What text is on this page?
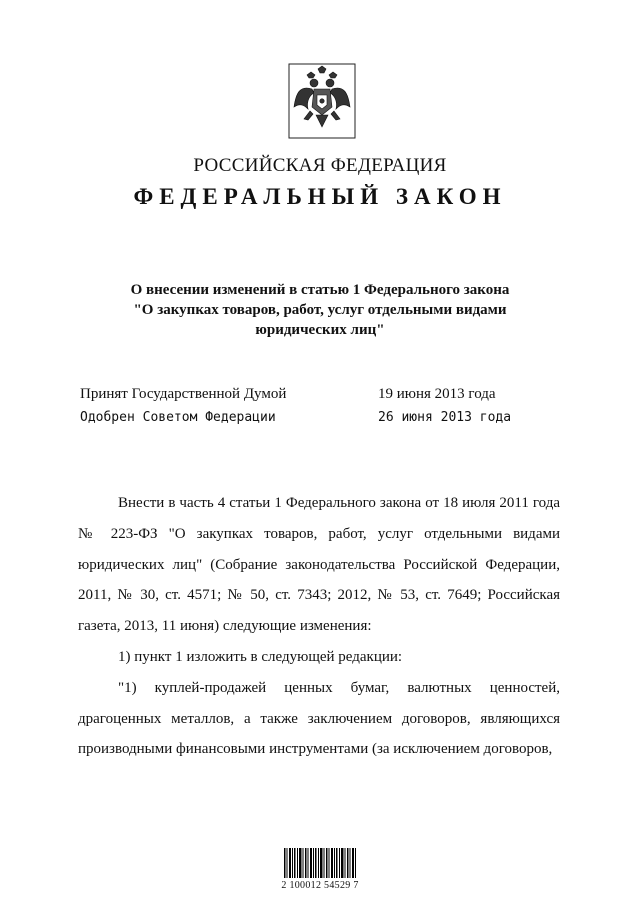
РОССИЙСКАЯ ФЕДЕРАЦИЯ
ФЕДЕРАЛЬНЫЙ ЗАКОН
О внесении изменений в статью 1 Федерального закона
"О закупках товаров, работ, услуг отдельными видами
юридических лиц"
Принят Государственной Думой	19 июня 2013 года
Одобрен Советом Федерации	26 июня 2013 года

Внести в часть 4 статьи 1 Федерального закона от 18 июля 2011 года № 223-ФЗ "О закупках товаров, работ, услуг отдельными видами юридических лиц" (Собрание законодательства Российской Федерации, 2011, № 30, ст. 4571; № 50, ст. 7343; 2012, № 53, ст. 7649; Российская газета, 2013, 11 июня) следующие изменения:

1) пункт 1 изложить в следующей редакции:

"1) куплей-продажей ценных бумаг, валютных ценностей, драгоценных металлов, а также заключением договоров, являющихся производными финансовыми инструментами (за исключением договоров,

2 100012 54529 7
